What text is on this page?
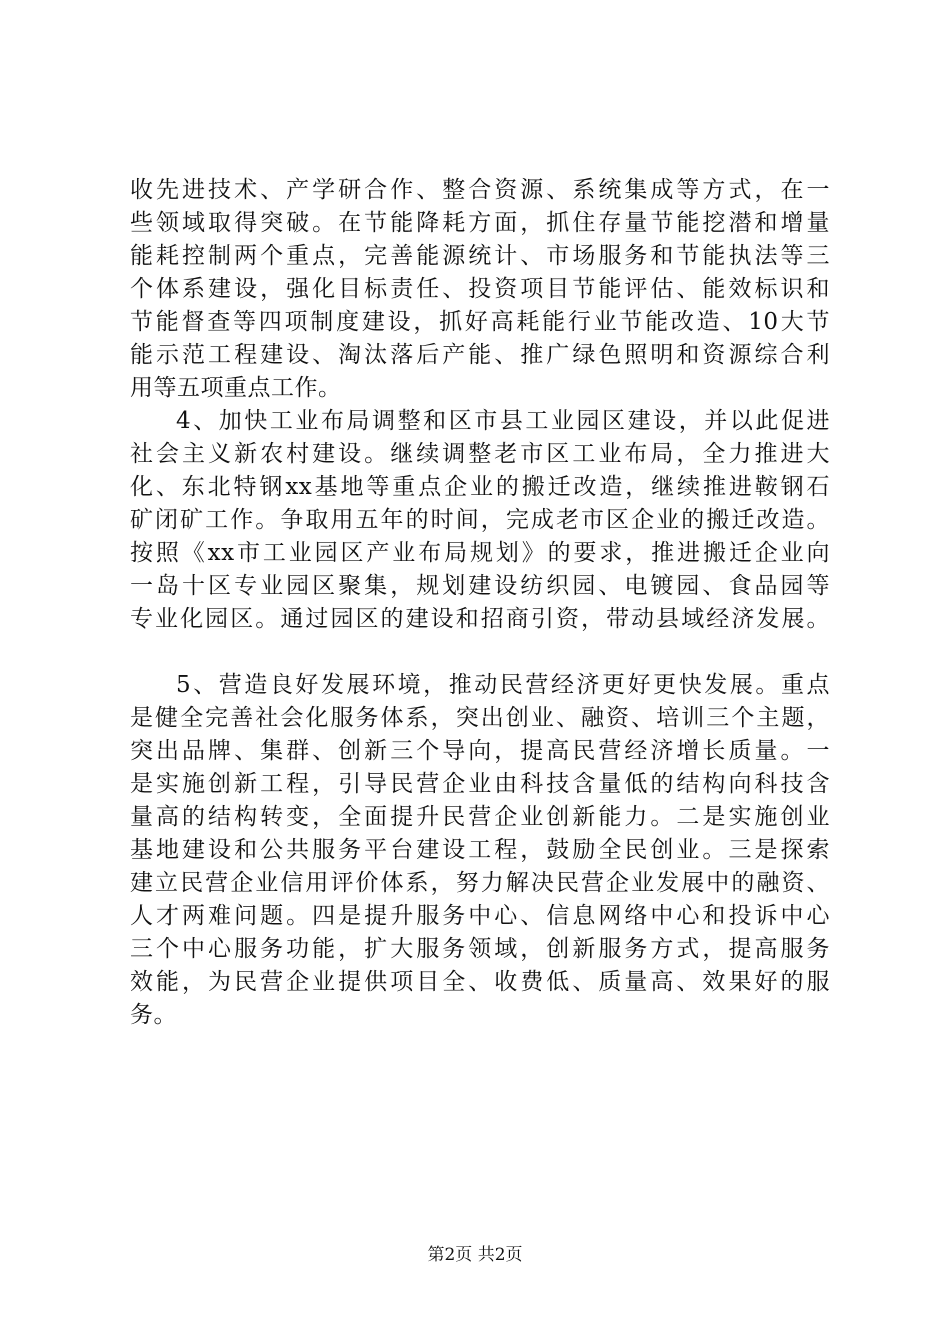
收先进技术、产学研合作、整合资源、系统集成等方式，在一
些领域取得突破。在节能降耗方面，抓住存量节能挖潜和增量
能耗控制两个重点，完善能源统计、市场服务和节能执法等三
个体系建设，强化目标责任、投资项目节能评估、能效标识和
节能督查等四项制度建设，抓好高耗能行业节能改造、10大节
能示范工程建设、淘汰落后产能、推广绿色照明和资源综合利
用等五项重点工作。
4、加快工业布局调整和区市县工业园区建设，并以此促进
社会主义新农村建设。继续调整老市区工业布局，全力推进大
化、东北特钢xx基地等重点企业的搬迁改造，继续推进鞍钢石
矿闭矿工作。争取用五年的时间，完成老市区企业的搬迁改造。
按照《xx市工业园区产业布局规划》的要求，推进搬迁企业向
一岛十区专业园区聚集，规划建设纺织园、电镀园、食品园等
专业化园区。通过园区的建设和招商引资，带动县域经济发展。
5、营造良好发展环境，推动民营经济更好更快发展。重点
是健全完善社会化服务体系，突出创业、融资、培训三个主题，
突出品牌、集群、创新三个导向，提高民营经济增长质量。一
是实施创新工程，引导民营企业由科技含量低的结构向科技含
量高的结构转变，全面提升民营企业创新能力。二是实施创业
基地建设和公共服务平台建设工程，鼓励全民创业。三是探索
建立民营企业信用评价体系，努力解决民营企业发展中的融资、
人才两难问题。四是提升服务中心、信息网络中心和投诉中心
三个中心服务功能，扩大服务领域，创新服务方式，提高服务
效能，为民营企业提供项目全、收费低、质量高、效果好的服
务。
第2页 共2页
